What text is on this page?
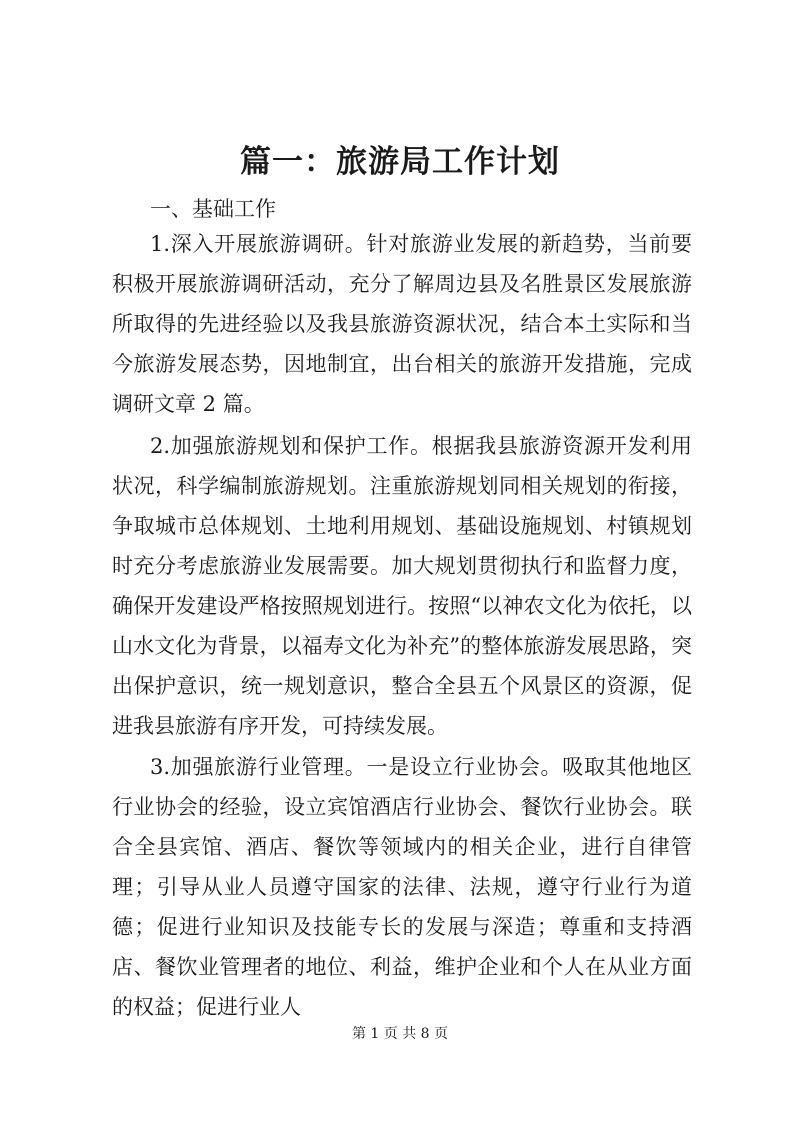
篇一：旅游局工作计划
一、基础工作

1.深入开展旅游调研。针对旅游业发展的新趋势，当前要积极开展旅游调研活动，充分了解周边县及名胜景区发展旅游所取得的先进经验以及我县旅游资源状况，结合本土实际和当今旅游发展态势，因地制宜，出台相关的旅游开发措施，完成调研文章 2 篇。

2.加强旅游规划和保护工作。根据我县旅游资源开发利用状况，科学编制旅游规划。注重旅游规划同相关规划的衔接，争取城市总体规划、土地利用规划、基础设施规划、村镇规划时充分考虑旅游业发展需要。加大规划贯彻执行和监督力度，确保开发建设严格按照规划进行。按照“以神农文化为依托，以山水文化为背景，以福寿文化为补充”的整体旅游发展思路，突出保护意识，统一规划意识，整合全县五个风景区的资源，促进我县旅游有序开发，可持续发展。

3.加强旅游行业管理。一是设立行业协会。吸取其他地区行业协会的经验，设立宾馆酒店行业协会、餐饮行业协会。联合全县宾馆、酒店、餐饮等领域内的相关企业，进行自律管理；引导从业人员遵守国家的法律、法规，遵守行业行为道德；促进行业知识及技能专长的发展与深造；尊重和支持酒店、餐饮业管理者的地位、利益，维护企业和个人在从业方面的权益；促进行业人

第 1 页 共 8 页
